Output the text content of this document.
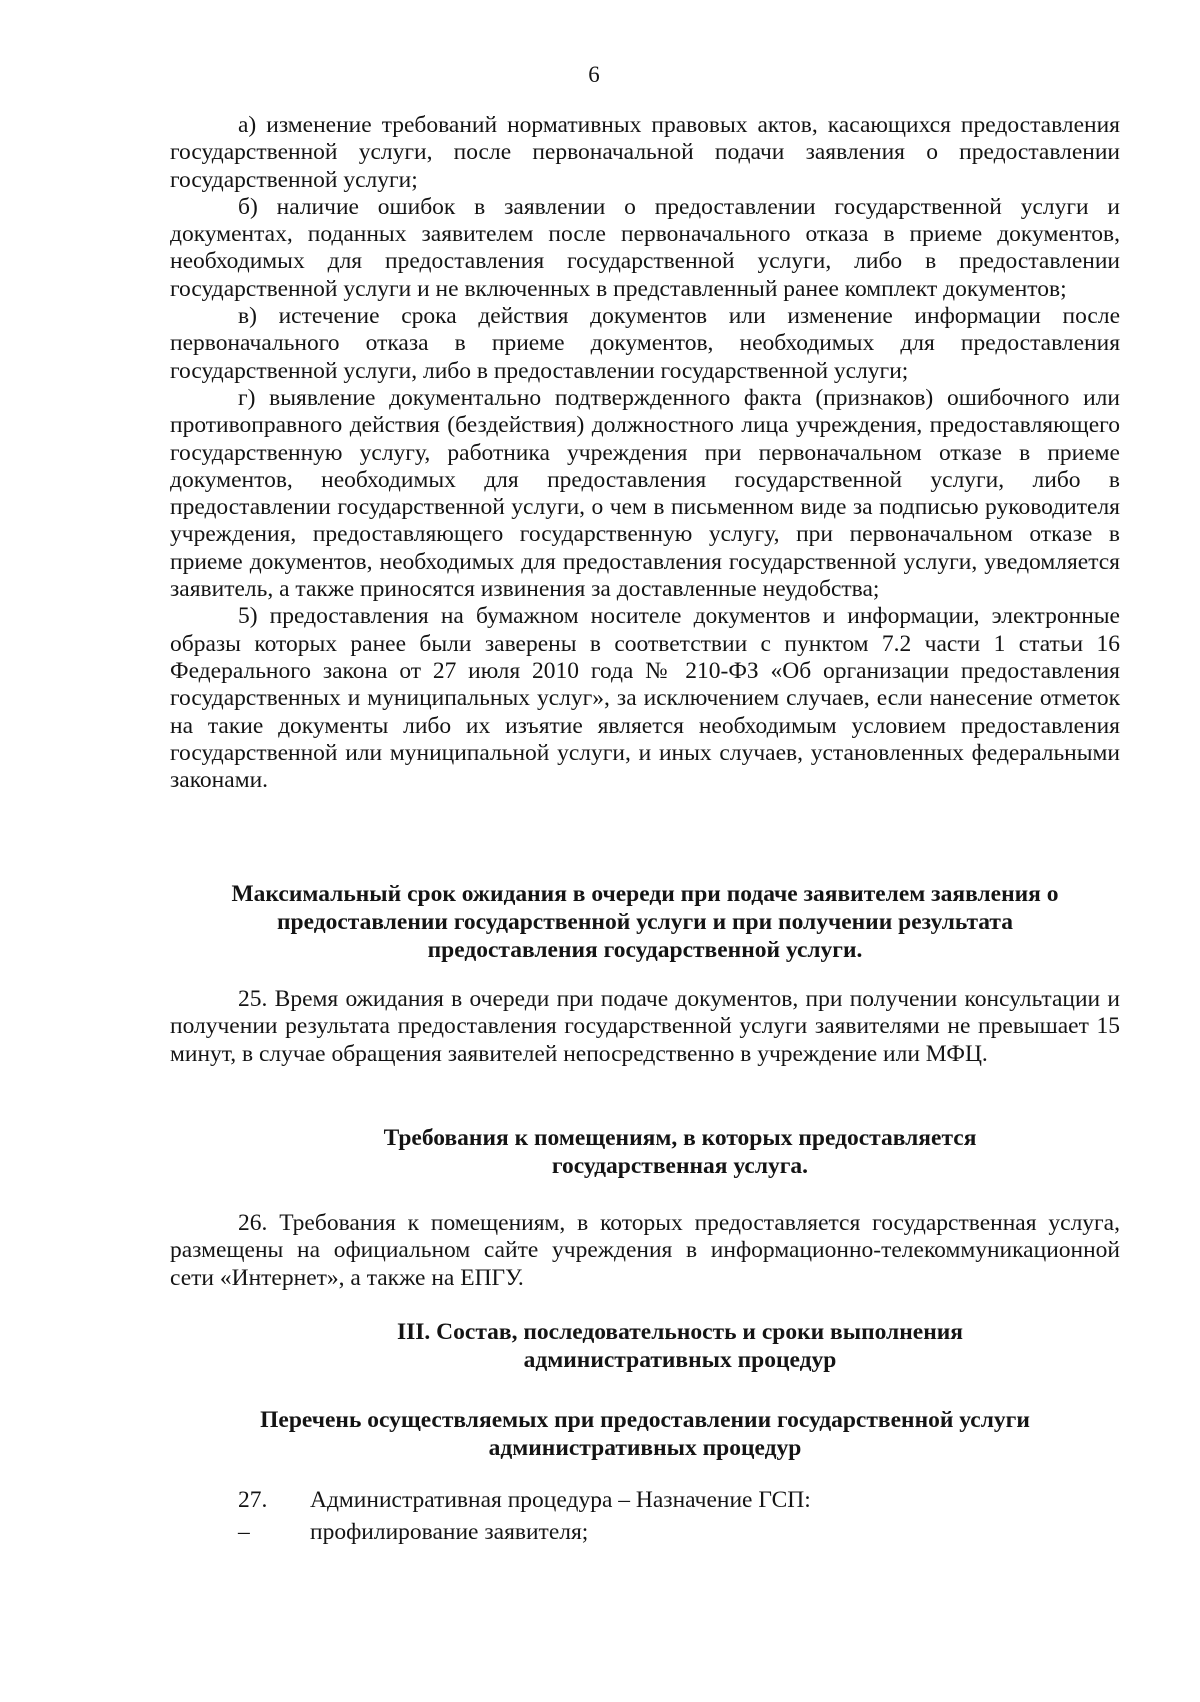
6

а) изменение требований нормативных правовых актов, касающихся предоставления государственной услуги, после первоначальной подачи заявления о предоставлении государственной услуги;

б) наличие ошибок в заявлении о предоставлении государственной услуги и документах, поданных заявителем после первоначального отказа в приеме документов, необходимых для предоставления государственной услуги, либо в предоставлении государственной услуги и не включенных в представленный ранее комплект документов;

в) истечение срока действия документов или изменение информации после первоначального отказа в приеме документов, необходимых для предоставления государственной услуги, либо в предоставлении государственной услуги;

г) выявление документально подтвержденного факта (признаков) ошибочного или противоправного действия (бездействия) должностного лица учреждения, предоставляющего государственную услугу, работника учреждения при первоначальном отказе в приеме документов, необходимых для предоставления государственной услуги, либо в предоставлении государственной услуги, о чем в письменном виде за подписью руководителя учреждения, предоставляющего государственную услугу, при первоначальном отказе в приеме документов, необходимых для предоставления государственной услуги, уведомляется заявитель, а также приносятся извинения за доставленные неудобства;

5) предоставления на бумажном носителе документов и информации, электронные образы которых ранее были заверены в соответствии с пунктом 7.2 части 1 статьи 16 Федерального закона от 27 июля 2010 года № 210-ФЗ «Об организации предоставления государственных и муниципальных услуг», за исключением случаев, если нанесение отметок на такие документы либо их изъятие является необходимым условием предоставления государственной или муниципальной услуги, и иных случаев, установленных федеральными законами.

Максимальный срок ожидания в очереди при подаче заявителем заявления о
предоставлении государственной услуги и при получении результата
предоставления государственной услуги.

25. Время ожидания в очереди при подаче документов, при получении консультации и получении результата предоставления государственной услуги заявителями не превышает 15 минут, в случае обращения заявителей непосредственно в учреждение или МФЦ.

Требования к помещениям, в которых предоставляется
государственная услуга.

26. Требования к помещениям, в которых предоставляется государственная услуга, размещены на официальном сайте учреждения в информационно-телекоммуникационной сети «Интернет», а также на ЕПГУ.

III. Состав, последовательность и сроки выполнения
административных процедур
Перечень осуществляемых при предоставлении государственной услуги
административных процедур
27. Административная процедура – Назначение ГСП:
–	профилирование заявителя;
